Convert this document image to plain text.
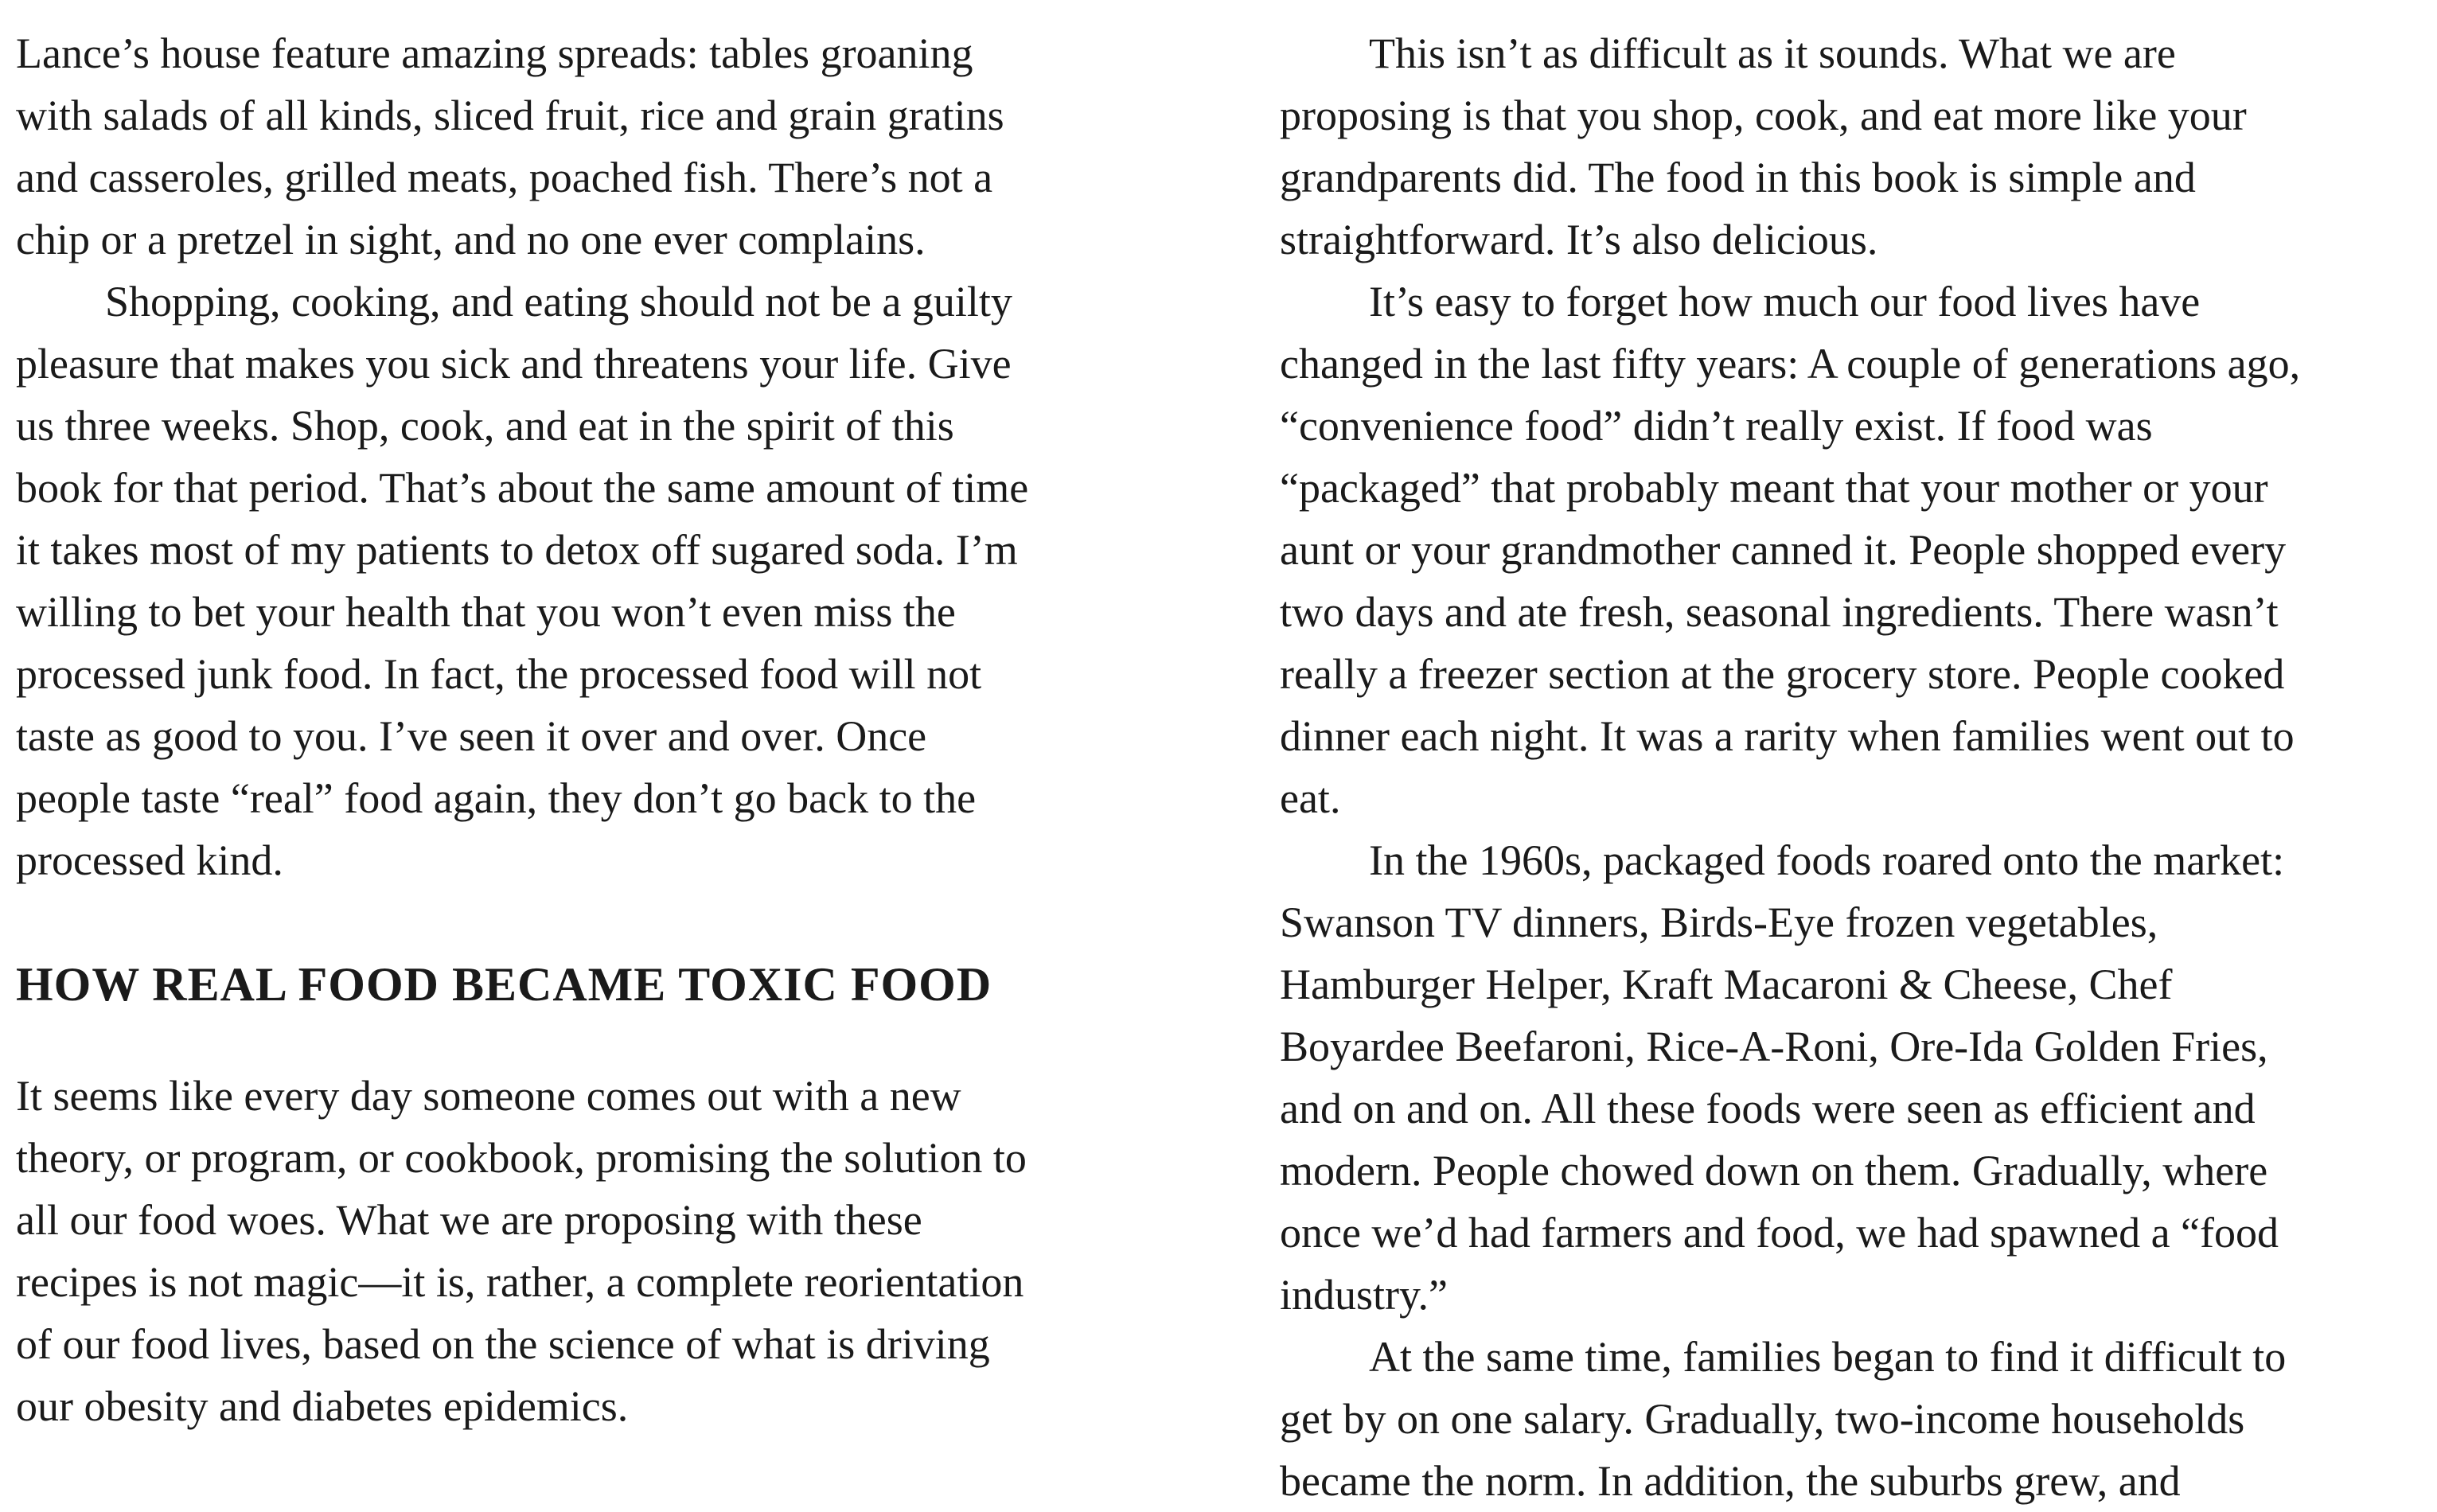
Lance’s house feature amazing spreads: tables groaning
with salads of all kinds, sliced fruit, rice and grain gratins
and casseroles, grilled meats, poached fish. There’s not a
chip or a pretzel in sight, and no one ever complains.

Shopping, cooking, and eating should not be a guilty
pleasure that makes you sick and threatens your life. Give
us three weeks. Shop, cook, and eat in the spirit of this
book for that period. That’s about the same amount of time
it takes most of my patients to detox off sugared soda. I’m
willing to bet your health that you won’t even miss the
processed junk food. In fact, the processed food will not
taste as good to you. I’ve seen it over and over. Once
people taste “real” food again, they don’t go back to the
processed kind.

HOW REAL FOOD BECAME TOXIC FOOD

It seems like every day someone comes out with a new
theory, or program, or cookbook, promising the solution to
all our food woes. What we are proposing with these
recipes is not magic—it is, rather, a complete reorientation
of our food lives, based on the science of what is driving
our obesity and diabetes epidemics.

This isn’t as difficult as it sounds. What we are
proposing is that you shop, cook, and eat more like your
grandparents did. The food in this book is simple and
straightforward. It’s also delicious.

It’s easy to forget how much our food lives have
changed in the last fifty years: A couple of generations ago,
“convenience food” didn’t really exist. If food was
“packaged” that probably meant that your mother or your
aunt or your grandmother canned it. People shopped every
two days and ate fresh, seasonal ingredients. There wasn’t
really a freezer section at the grocery store. People cooked
dinner each night. It was a rarity when families went out to
eat.

In the 1960s, packaged foods roared onto the market:
Swanson TV dinners, Birds-Eye frozen vegetables,
Hamburger Helper, Kraft Macaroni & Cheese, Chef
Boyardee Beefaroni, Rice-A-Roni, Ore-Ida Golden Fries,
and on and on. All these foods were seen as efficient and
modern. People chowed down on them. Gradually, where
once we’d had farmers and food, we had spawned a “food
industry.”

At the same time, families began to find it difficult to
get by on one salary. Gradually, two-income households
became the norm. In addition, the suburbs grew, and
